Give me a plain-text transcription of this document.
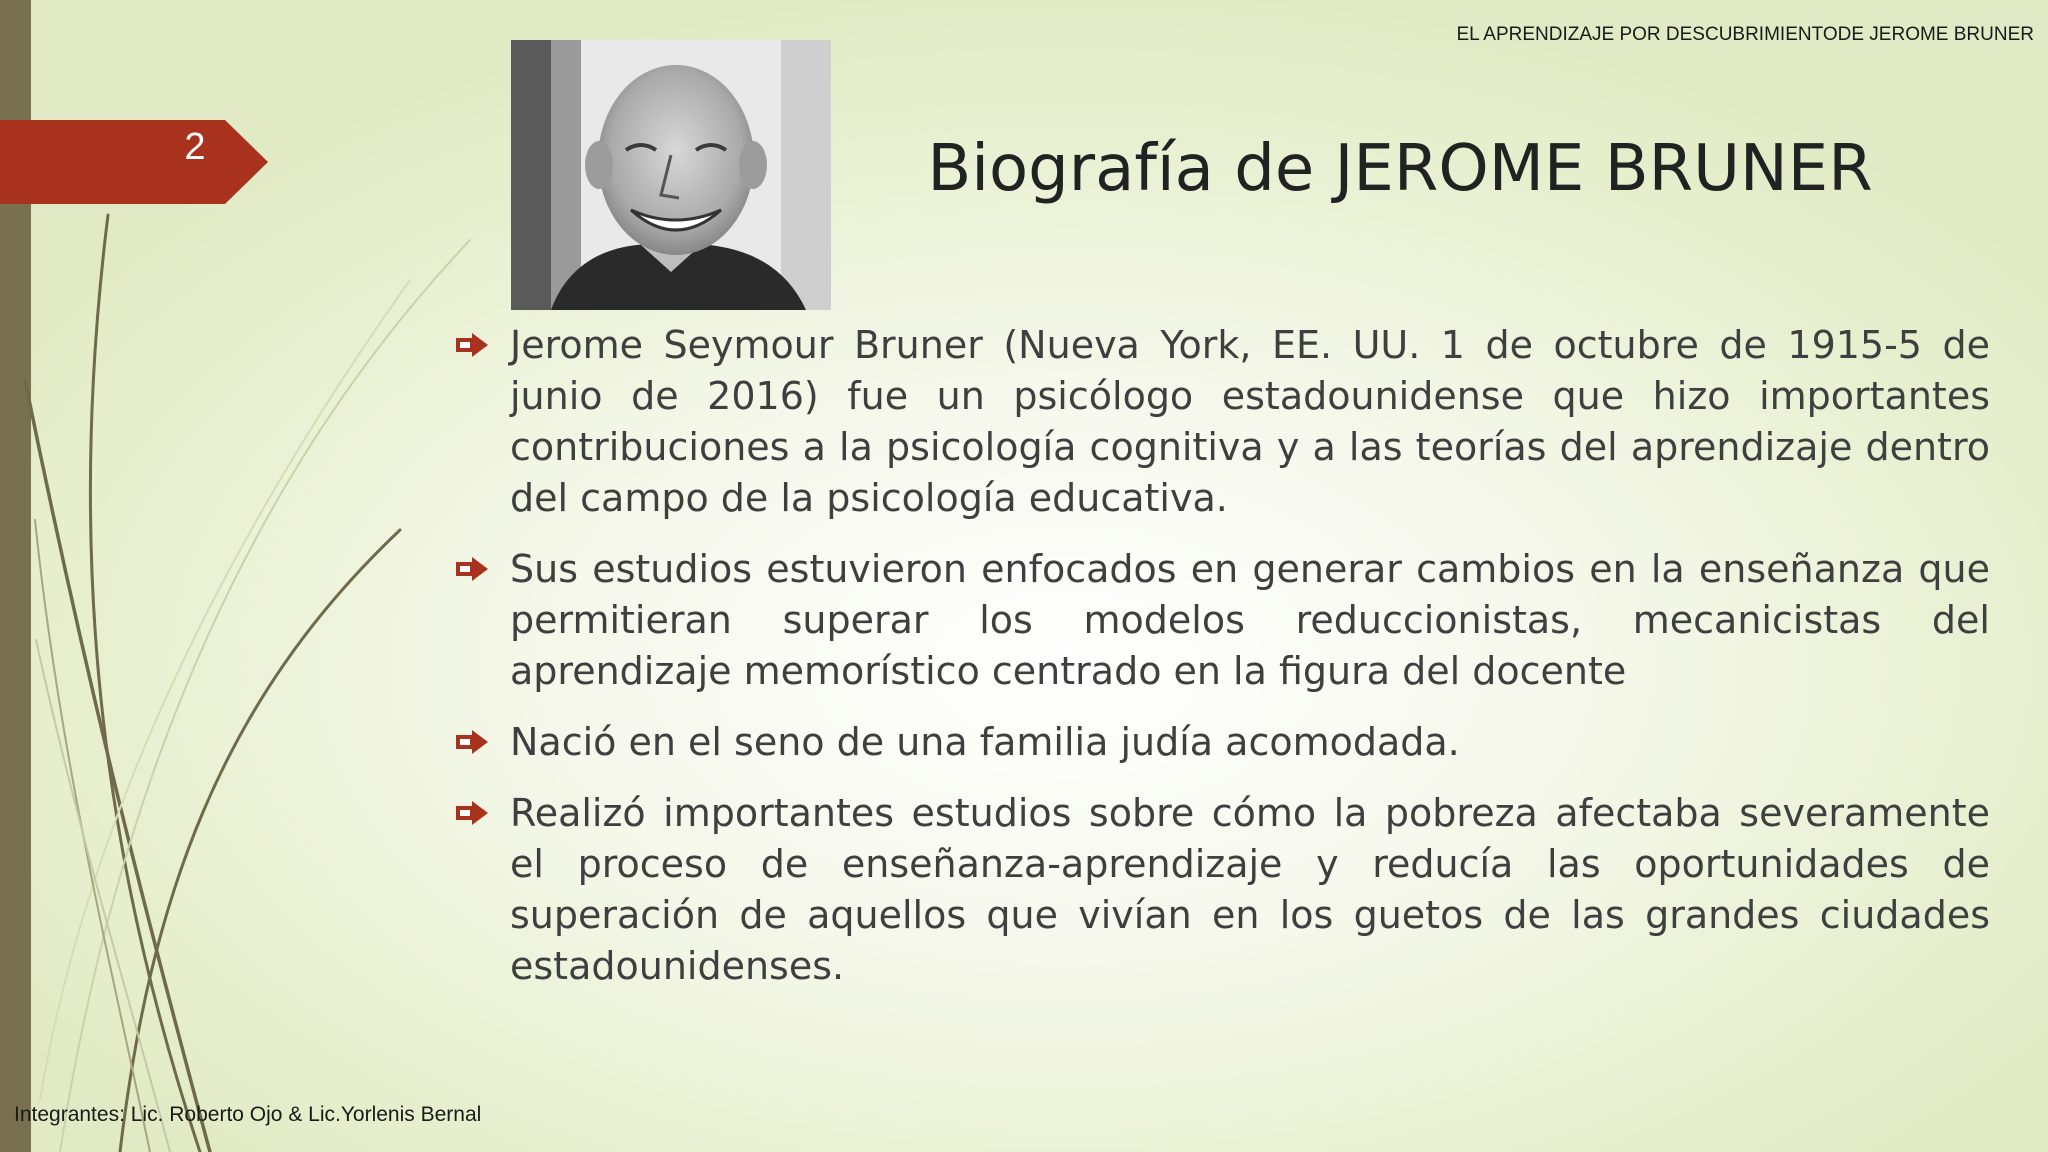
2
EL APRENDIZAJE POR DESCUBRIMIENTODE JEROME BRUNER
Biografía de JEROME BRUNER
Jerome Seymour Bruner (Nueva York, EE. UU. 1 de octubre de 1915-5 de junio de 2016) fue un psicólogo estadounidense que hizo importantes contribuciones a la psicología cognitiva y a las teorías del aprendizaje dentro del campo de la psicología educativa.
Sus estudios estuvieron enfocados en generar cambios en la enseñanza que permitieran superar los modelos reduccionistas, mecanicistas del aprendizaje memorístico centrado en la figura del docente
Nació en el seno de una familia judía acomodada.
Realizó importantes estudios sobre cómo la pobreza afectaba severamente el proceso de enseñanza-aprendizaje y reducía las oportunidades de superación de aquellos que vivían en los guetos de las grandes ciudades estadounidenses.
Integrantes: Lic. Roberto Ojo & Lic.Yorlenis Bernal
